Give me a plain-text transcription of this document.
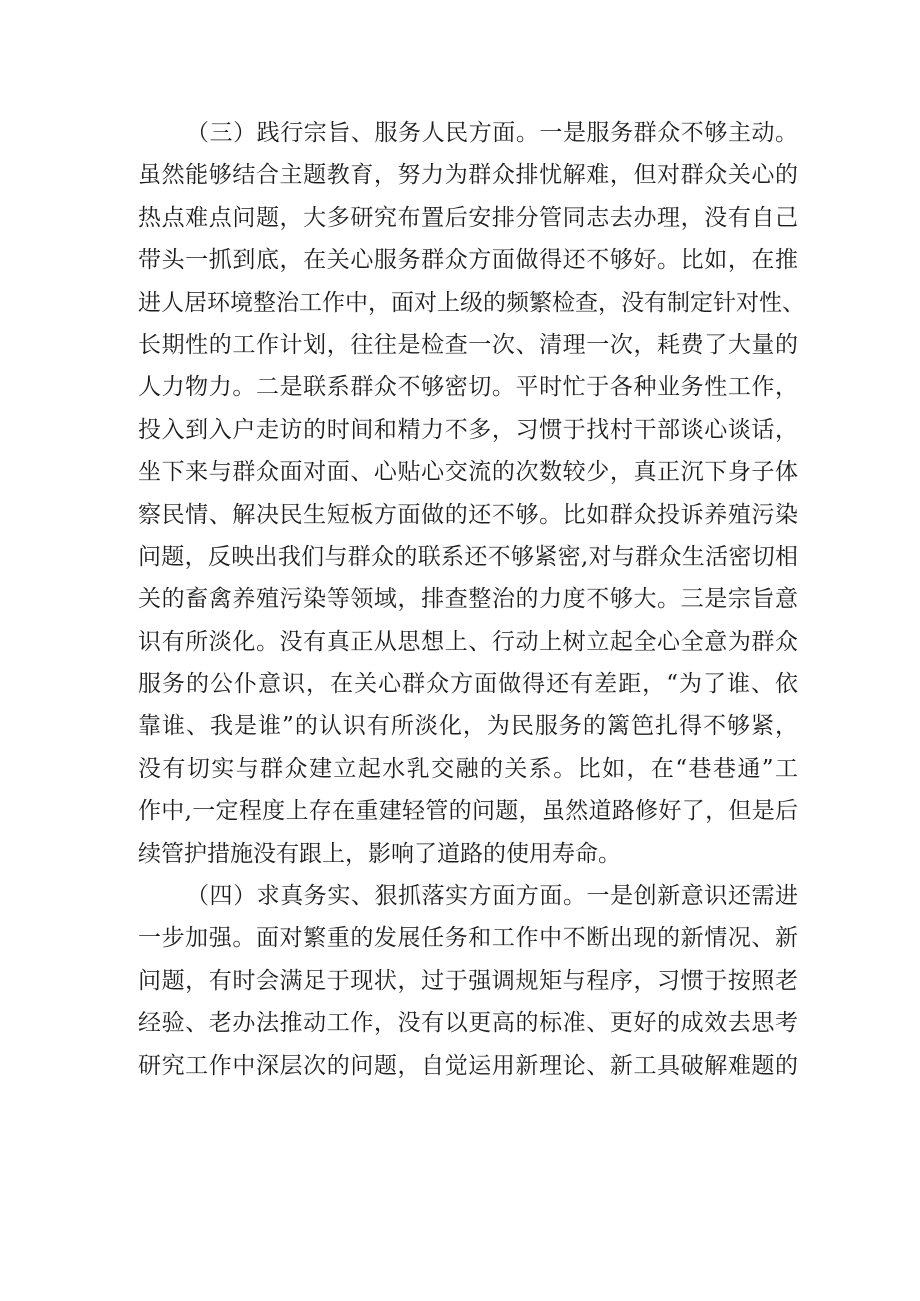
（三）践行宗旨、服务人民方面。一是服务群众不够主动。
虽然能够结合主题教育，努力为群众排忧解难，但对群众关心的
热点难点问题，大多研究布置后安排分管同志去办理，没有自己
带头一抓到底，在关心服务群众方面做得还不够好。比如，在推
进人居环境整治工作中，面对上级的频繁检查，没有制定针对性、
长期性的工作计划，往往是检查一次、清理一次，耗费了大量的
人力物力。二是联系群众不够密切。平时忙于各种业务性工作，
投入到入户走访的时间和精力不多，习惯于找村干部谈心谈话，
坐下来与群众面对面、心贴心交流的次数较少，真正沉下身子体
察民情、解决民生短板方面做的还不够。比如群众投诉养殖污染
问题，反映出我们与群众的联系还不够紧密,对与群众生活密切相
关的畜禽养殖污染等领域，排查整治的力度不够大。三是宗旨意
识有所淡化。没有真正从思想上、行动上树立起全心全意为群众
服务的公仆意识，在关心群众方面做得还有差距，“为了谁、依
靠谁、我是谁”的认识有所淡化，为民服务的篱笆扎得不够紧，
没有切实与群众建立起水乳交融的关系。比如，在“巷巷通”工
作中,一定程度上存在重建轻管的问题，虽然道路修好了，但是后
续管护措施没有跟上，影响了道路的使用寿命。
（四）求真务实、狠抓落实方面方面。一是创新意识还需进
一步加强。面对繁重的发展任务和工作中不断出现的新情况、新
问题，有时会满足于现状，过于强调规矩与程序，习惯于按照老
经验、老办法推动工作，没有以更高的标准、更好的成效去思考
研究工作中深层次的问题，自觉运用新理论、新工具破解难题的
